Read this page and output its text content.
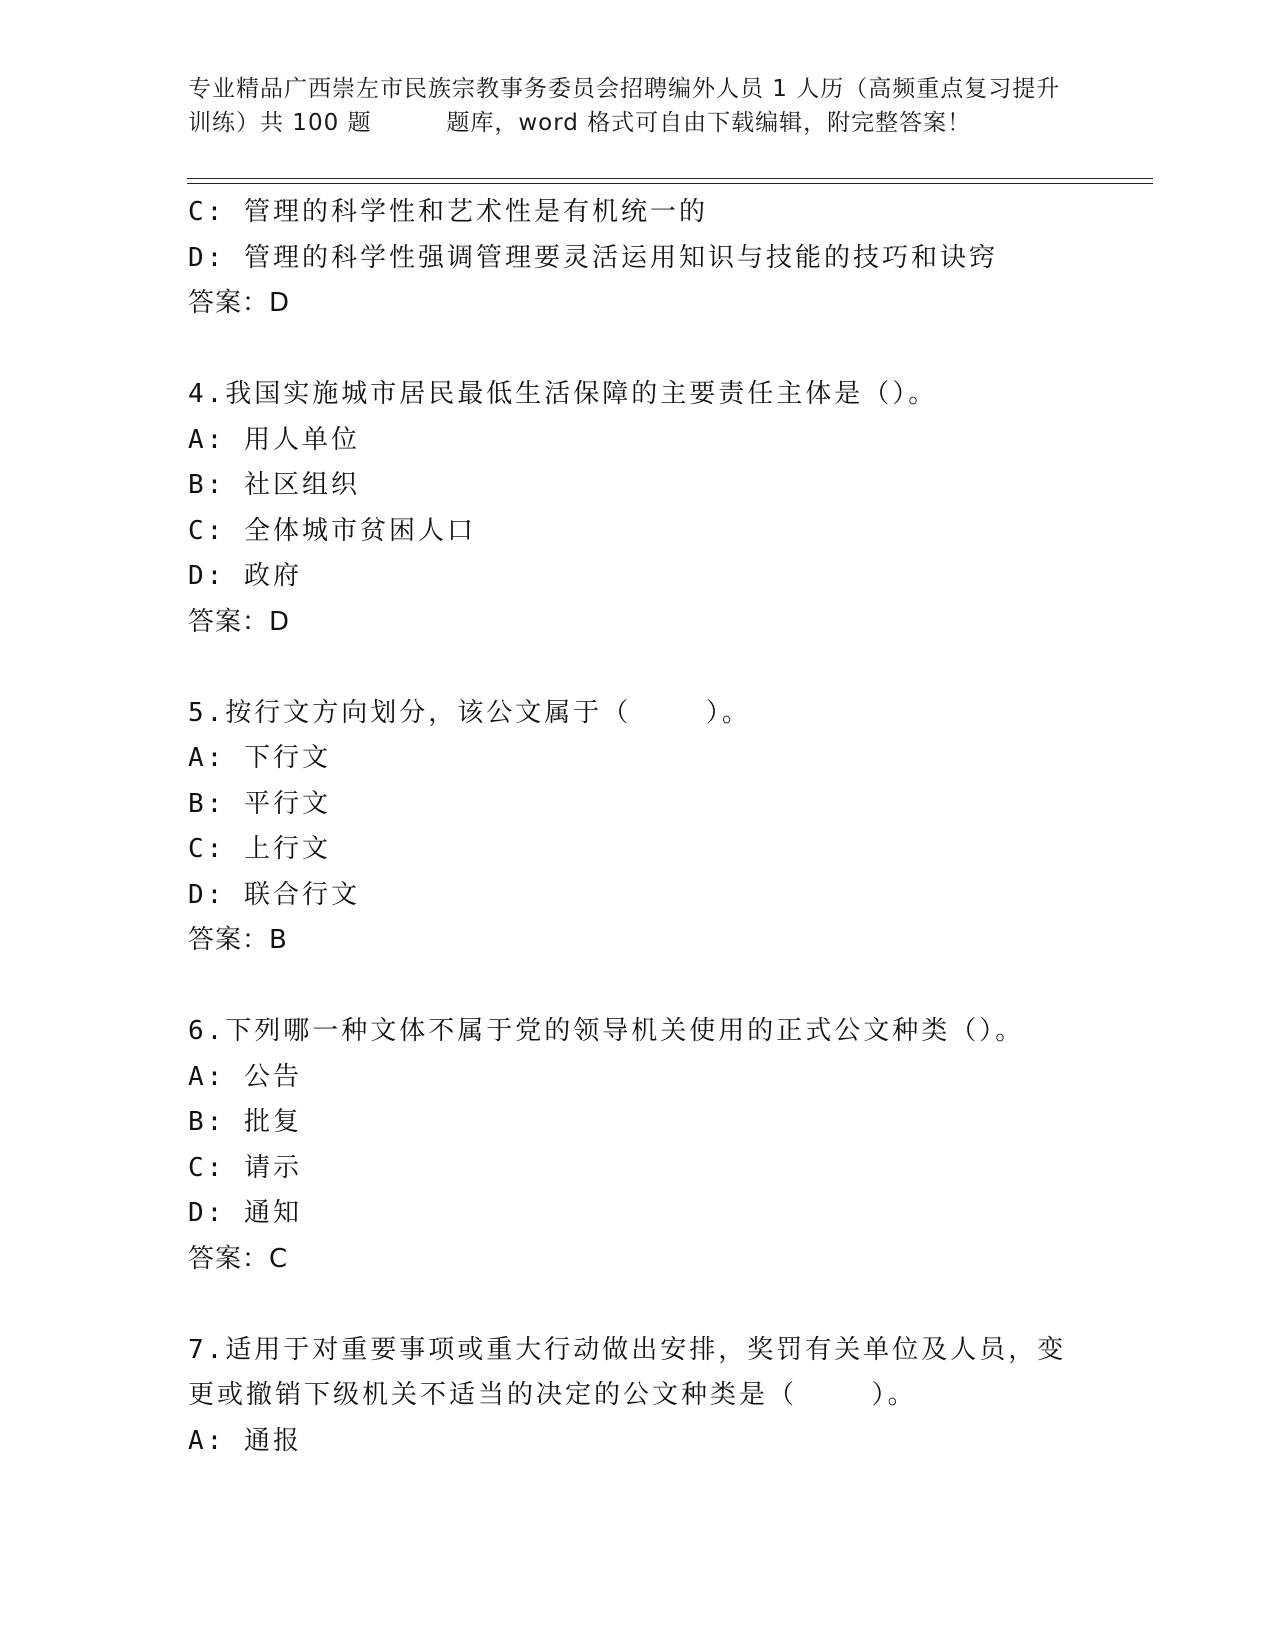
专业精品广西崇左市民族宗教事务委员会招聘编外人员 1 人历（高频重点复习提升
训练）共 100 题         题库，word 格式可自由下载编辑，附完整答案！
C: 管理的科学性和艺术性是有机统一的
D: 管理的科学性强调管理要灵活运用知识与技能的技巧和诀窍
答案：D
4.我国实施城市居民最低生活保障的主要责任主体是（）。
A: 用人单位
B: 社区组织
C: 全体城市贫困人口
D: 政府
答案：D
5.按行文方向划分，该公文属于（    ）。
A: 下行文
B: 平行文
C: 上行文
D: 联合行文
答案：B
6.下列哪一种文体不属于党的领导机关使用的正式公文种类（）。
A: 公告
B: 批复
C: 请示
D: 通知
答案：C
7.适用于对重要事项或重大行动做出安排，奖罚有关单位及人员，变
更或撤销下级机关不适当的决定的公文种类是（    ）。
A: 通报
